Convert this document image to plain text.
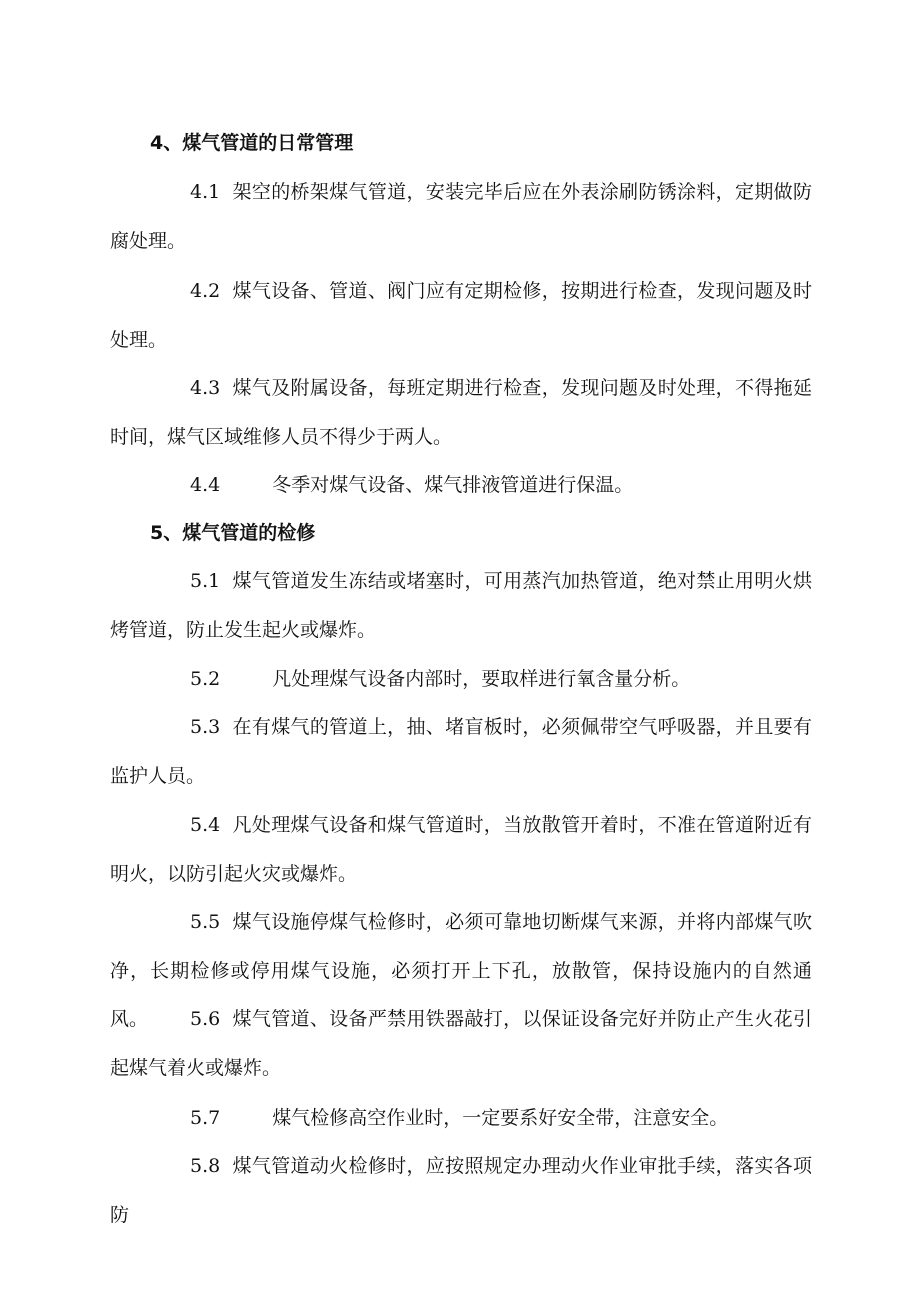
4、煤气管道的日常管理

4.1 架空的桥架煤气管道，安装完毕后应在外表涂刷防锈涂料，定期做防腐处理。

4.2 煤气设备、管道、阀门应有定期检修，按期进行检查，发现问题及时处理。

4.3 煤气及附属设备，每班定期进行检查，发现问题及时处理，不得拖延时间，煤气区域维修人员不得少于两人。

4.4	冬季对煤气设备、煤气排液管道进行保温。

5、煤气管道的检修

5.1 煤气管道发生冻结或堵塞时，可用蒸汽加热管道，绝对禁止用明火烘烤管道，防止发生起火或爆炸。

5.2	凡处理煤气设备内部时，要取样进行氧含量分析。

5.3 在有煤气的管道上，抽、堵盲板时，必须佩带空气呼吸器，并且要有监护人员。

5.4 凡处理煤气设备和煤气管道时，当放散管开着时，不准在管道附近有明火，以防引起火灾或爆炸。

5.5 煤气设施停煤气检修时，必须可靠地切断煤气来源，并将内部煤气吹净，长期检修或停用煤气设施，必须打开上下孔，放散管，保持设施内的自然通风。	5.6 煤气管道、设备严禁用铁器敲打，以保证设备完好并防止产生火花引起煤气着火或爆炸。

5.7	煤气检修高空作业时，一定要系好安全带，注意安全。

5.8 煤气管道动火检修时，应按照规定办理动火作业审批手续，落实各项防
